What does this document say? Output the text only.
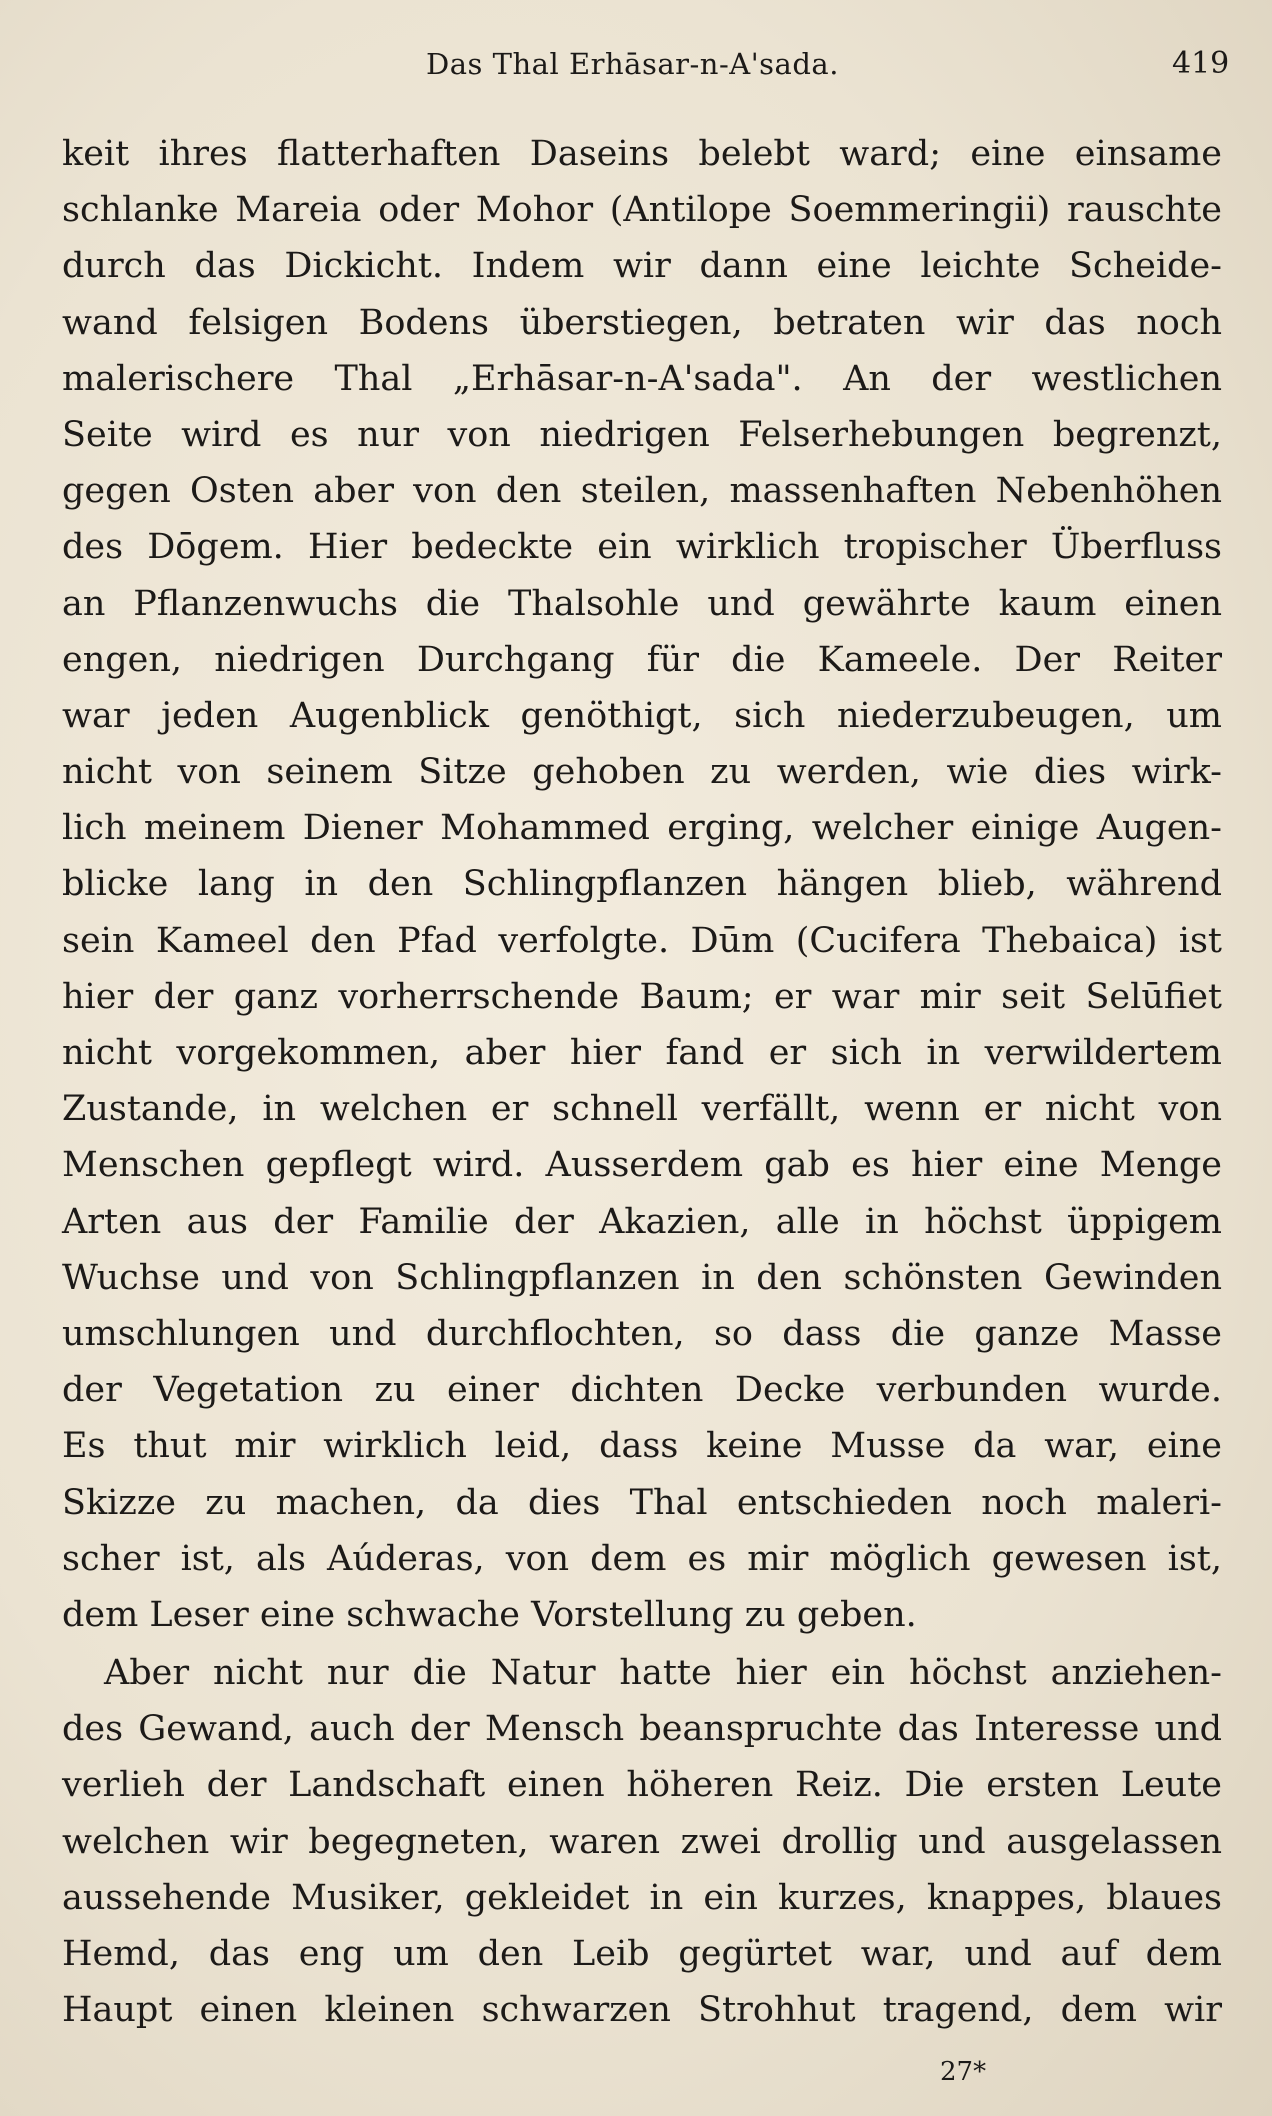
Das Thal Erhāsar-n-A'sada.	419
keit ihres flatterhaften Daseins belebt ward; eine einsame
schlanke Mareia oder Mohor (Antilope Soemmeringii) rauschte
durch das Dickicht. Indem wir dann eine leichte Scheide-
wand felsigen Bodens überstiegen, betraten wir das noch
malerischere Thal „Erhāsar-n-A'sada". An der westlichen
Seite wird es nur von niedrigen Felserhebungen begrenzt,
gegen Osten aber von den steilen, massenhaften Nebenhöhen
des Dōgem. Hier bedeckte ein wirklich tropischer Überfluss
an Pflanzenwuchs die Thalsohle und gewährte kaum einen
engen, niedrigen Durchgang für die Kameele. Der Reiter
war jeden Augenblick genöthigt, sich niederzubeugen, um
nicht von seinem Sitze gehoben zu werden, wie dies wirk-
lich meinem Diener Mohammed erging, welcher einige Augen-
blicke lang in den Schlingpflanzen hängen blieb, während
sein Kameel den Pfad verfolgte. Dūm (Cucifera Thebaica) ist
hier der ganz vorherrschende Baum; er war mir seit Selūfiet
nicht vorgekommen, aber hier fand er sich in verwildertem
Zustande, in welchen er schnell verfällt, wenn er nicht von
Menschen gepflegt wird. Ausserdem gab es hier eine Menge
Arten aus der Familie der Akazien, alle in höchst üppigem
Wuchse und von Schlingpflanzen in den schönsten Gewinden
umschlungen und durchflochten, so dass die ganze Masse
der Vegetation zu einer dichten Decke verbunden wurde.
Es thut mir wirklich leid, dass keine Musse da war, eine
Skizze zu machen, da dies Thal entschieden noch maleri-
scher ist, als Aúderas, von dem es mir möglich gewesen ist,
dem Leser eine schwache Vorstellung zu geben.
Aber nicht nur die Natur hatte hier ein höchst anziehen-
des Gewand, auch der Mensch beanspruchte das Interesse und
verlieh der Landschaft einen höheren Reiz. Die ersten Leute
welchen wir begegneten, waren zwei drollig und ausgelassen
aussehende Musiker, gekleidet in ein kurzes, knappes, blaues
Hemd, das eng um den Leib gegürtet war, und auf dem
Haupt einen kleinen schwarzen Strohhut tragend, dem wir
27*
